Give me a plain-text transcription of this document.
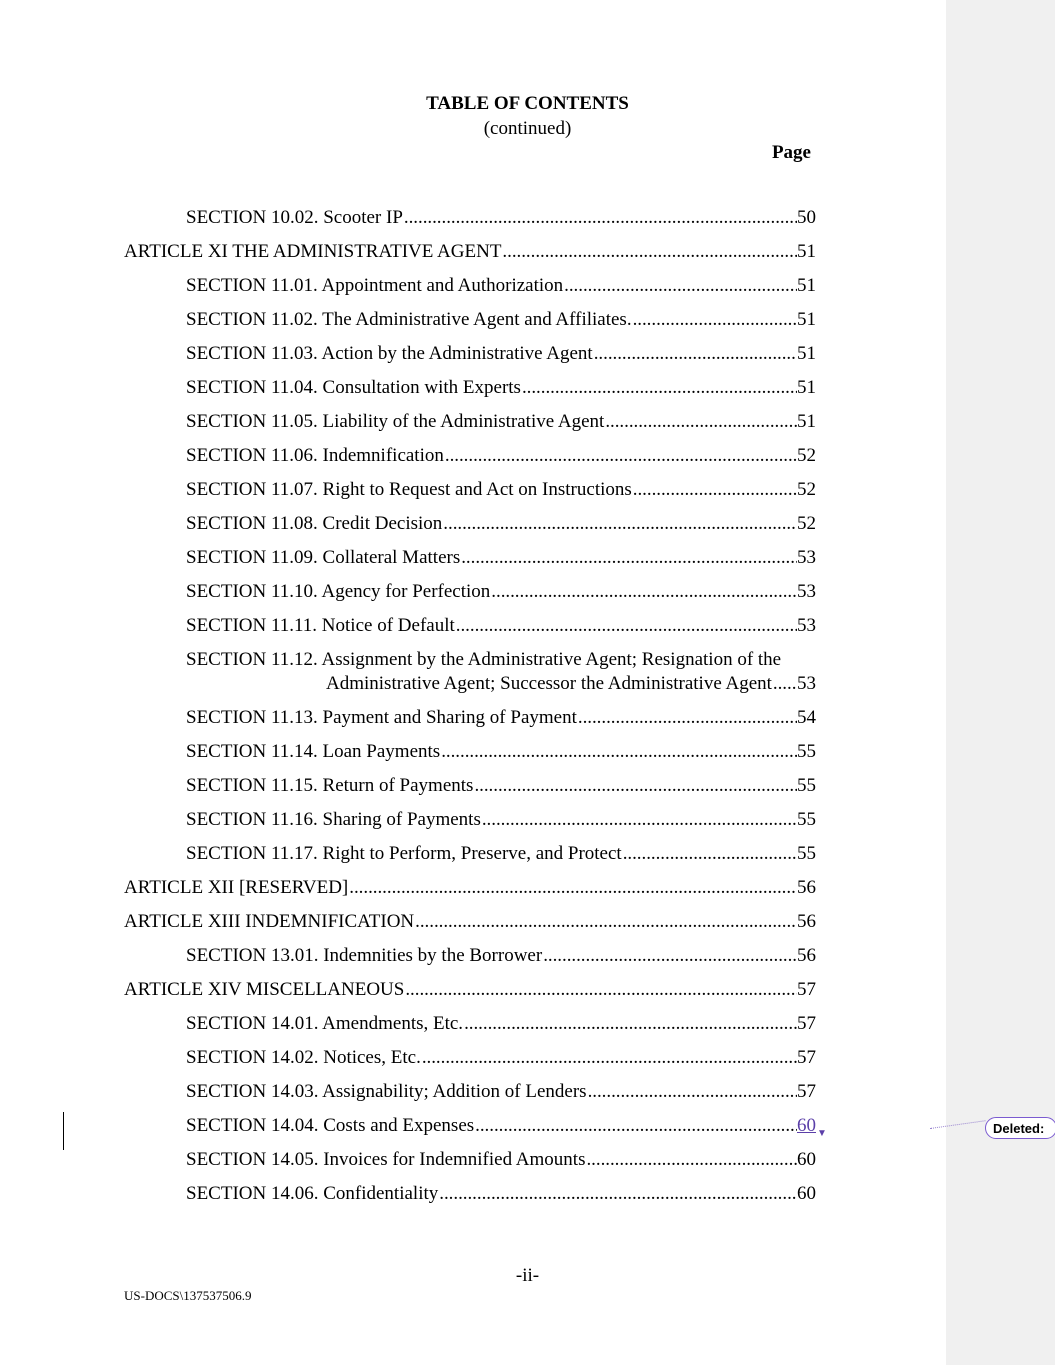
TABLE OF CONTENTS
(continued)
Page
SECTION 10.02. Scooter IP . . .	50
ARTICLE XI THE ADMINISTRATIVE AGENT . . .	51
SECTION 11.01. Appointment and Authorization . . .	51
SECTION 11.02. The Administrative Agent and Affiliates. . . .	51
SECTION 11.03. Action by the Administrative Agent . . .	51
SECTION 11.04. Consultation with Experts . . .	51
SECTION 11.05. Liability of the Administrative Agent . . .	51
SECTION 11.06. Indemnification . . .	52
SECTION 11.07. Right to Request and Act on Instructions . . .	52
SECTION 11.08. Credit Decision . . .	52
SECTION 11.09. Collateral Matters . . .	53
SECTION 11.10. Agency for Perfection . . .	53
SECTION 11.11. Notice of Default . . .	53
SECTION 11.12. Assignment by the Administrative Agent; Resignation of the
Administrative Agent; Successor the Administrative Agent . . . 53
SECTION 11.13. Payment and Sharing of Payment . . .	54
SECTION 11.14. Loan Payments . . .	55
SECTION 11.15. Return of Payments . . .	55
SECTION 11.16. Sharing of Payments . . .	55
SECTION 11.17. Right to Perform, Preserve, and Protect . . .	55
ARTICLE XII [RESERVED] . . .	56
ARTICLE XIII INDEMNIFICATION . . .	56
SECTION 13.01. Indemnities by the Borrower . . .	56
ARTICLE XIV MISCELLANEOUS . . .	57
SECTION 14.01. Amendments, Etc. . . .	57
SECTION 14.02. Notices, Etc. . . .	57
SECTION 14.03. Assignability; Addition of Lenders . . .	57
SECTION 14.04. Costs and Expenses . . .	60 ▼
SECTION 14.05. Invoices for Indemnified Amounts . . .	60
SECTION 14.06. Confidentiality . . .	60
-ii-
US-DOCS\137537506.9
Deleted:
